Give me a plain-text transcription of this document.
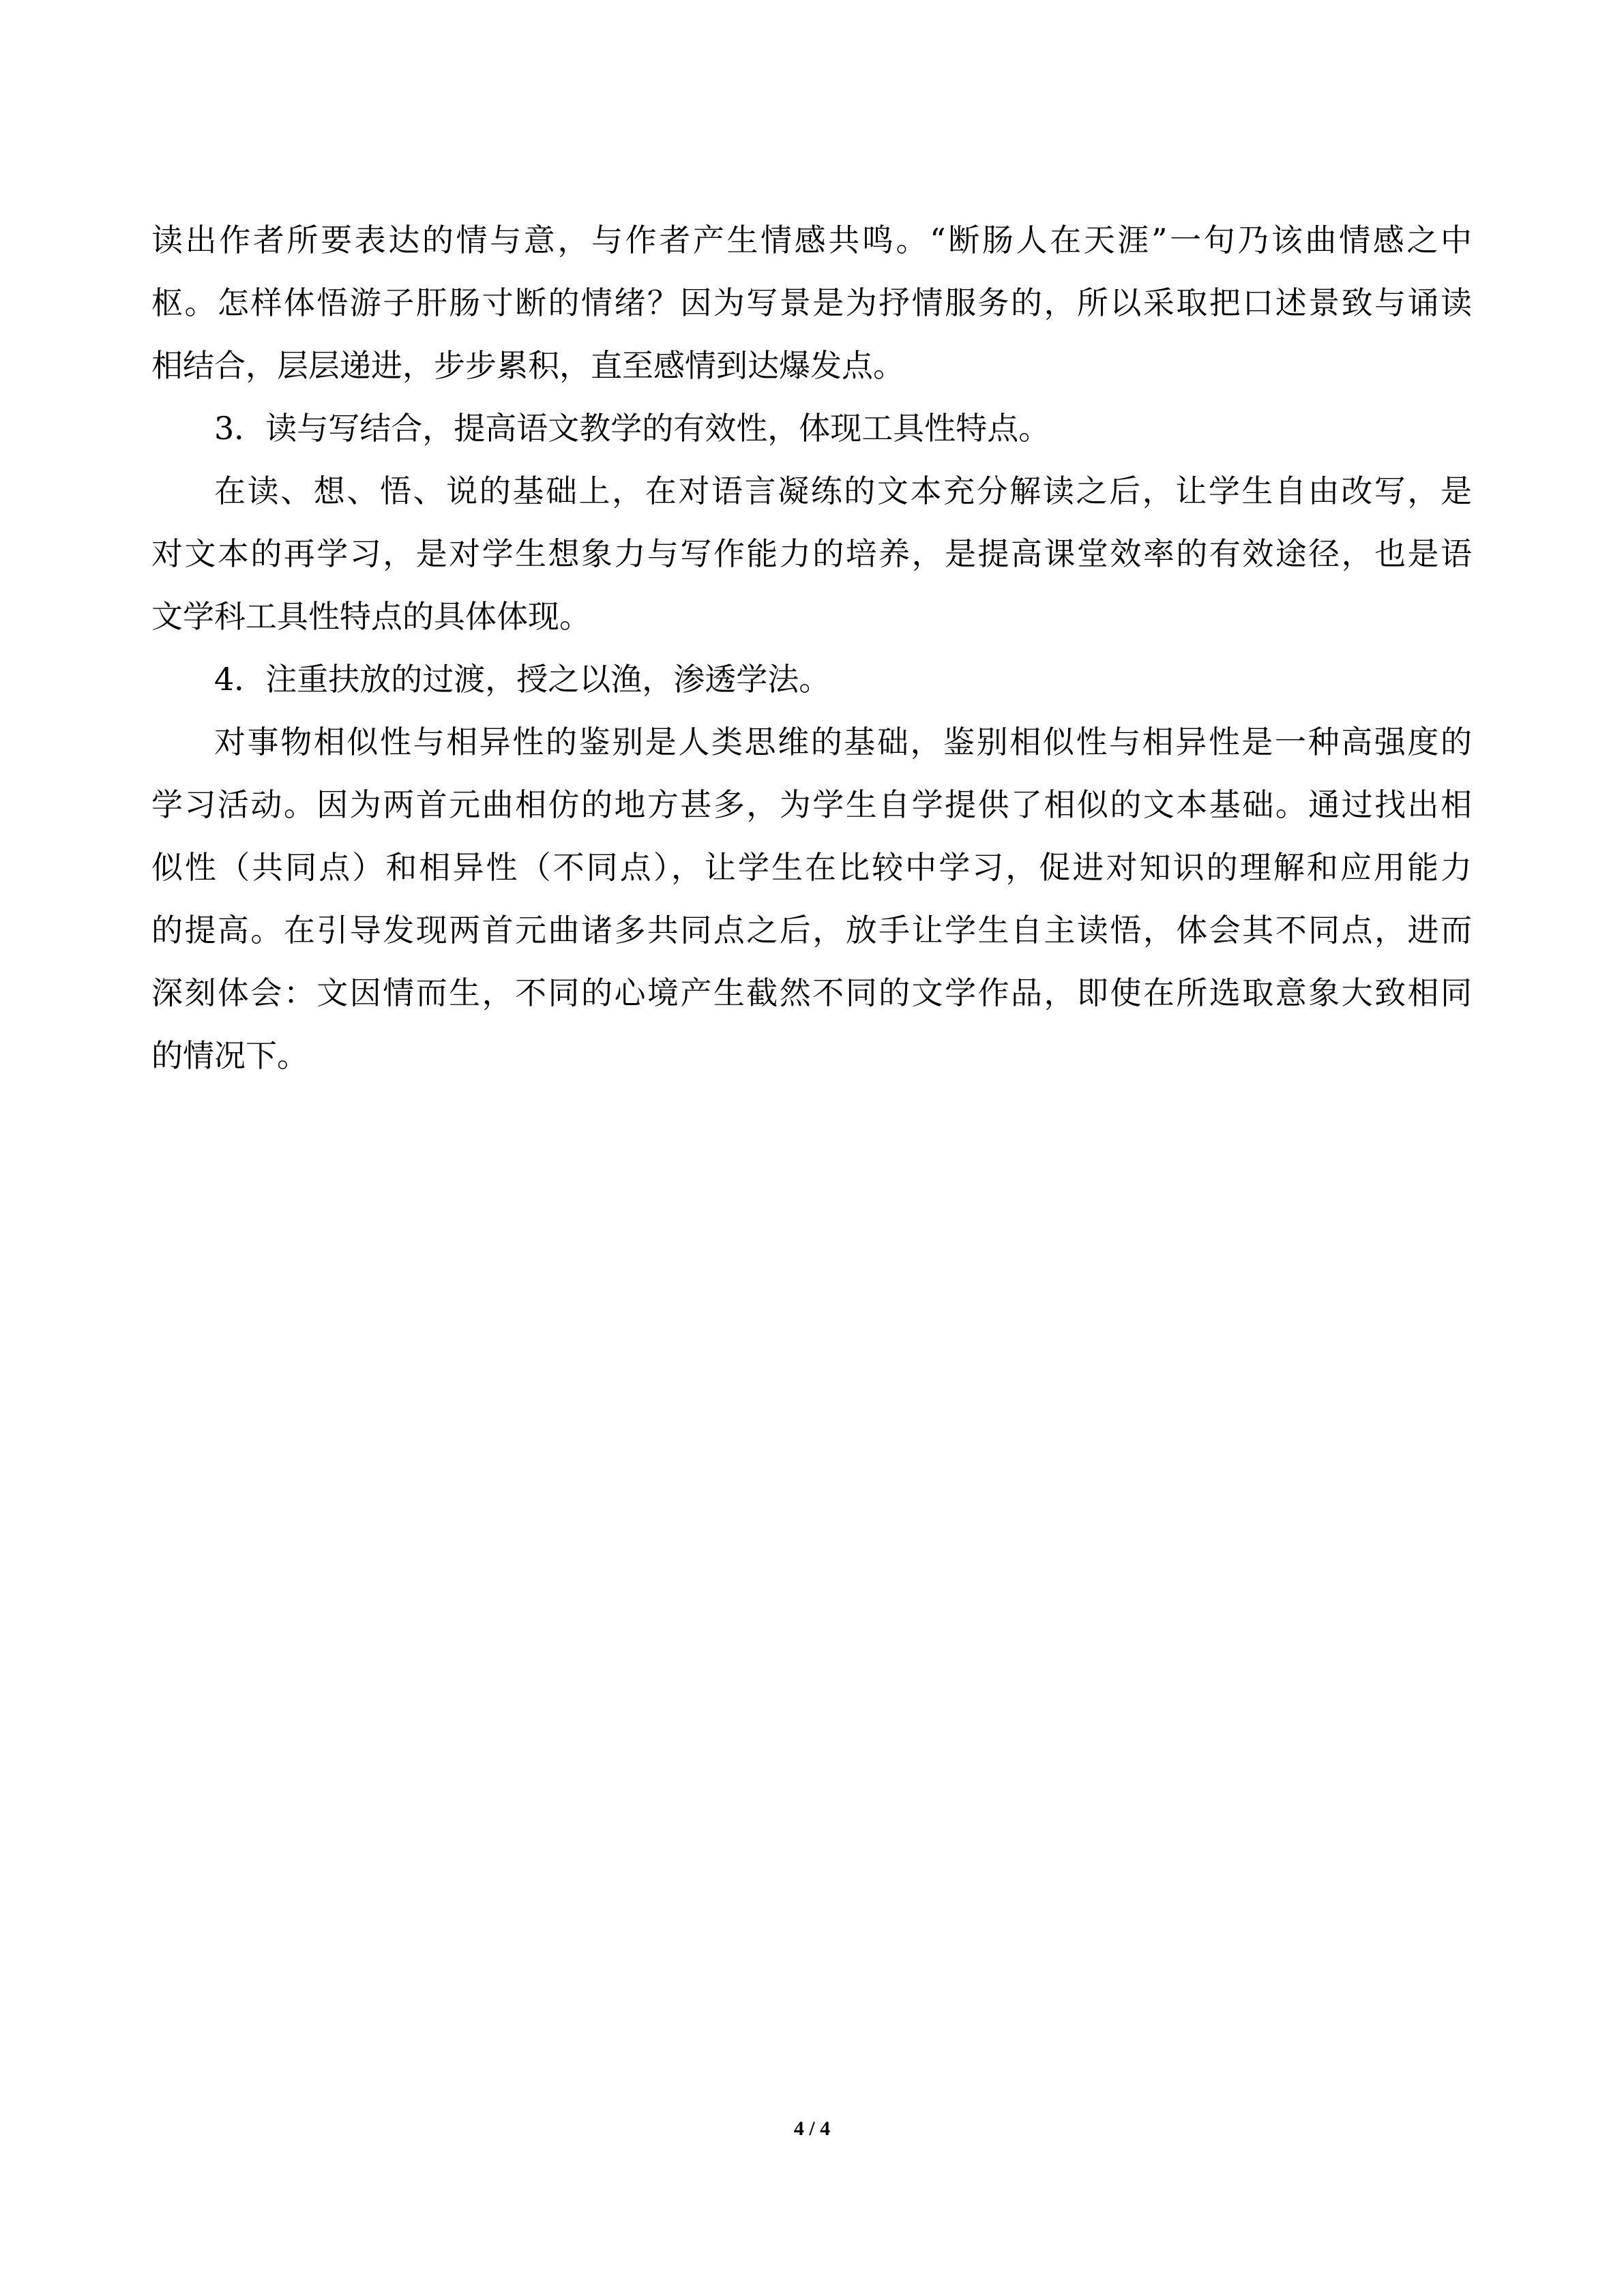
读出作者所要表达的情与意，与作者产生情感共鸣。“断肠人在天涯”一句乃该曲情感之中
枢。怎样体悟游子肝肠寸断的情绪？因为写景是为抒情服务的，所以采取把口述景致与诵读
相结合，层层递进，步步累积，直至感情到达爆发点。
3．读与写结合，提高语文教学的有效性，体现工具性特点。
在读、想、悟、说的基础上，在对语言凝练的文本充分解读之后，让学生自由改写，是
对文本的再学习，是对学生想象力与写作能力的培养，是提高课堂效率的有效途径，也是语
文学科工具性特点的具体体现。
4．注重扶放的过渡，授之以渔，渗透学法。
对事物相似性与相异性的鉴别是人类思维的基础，鉴别相似性与相异性是一种高强度的
学习活动。因为两首元曲相仿的地方甚多，为学生自学提供了相似的文本基础。通过找出相
似性（共同点）和相异性（不同点），让学生在比较中学习，促进对知识的理解和应用能力
的提高。在引导发现两首元曲诸多共同点之后，放手让学生自主读悟，体会其不同点，进而
深刻体会：文因情而生，不同的心境产生截然不同的文学作品，即使在所选取意象大致相同
的情况下。
4 / 4
